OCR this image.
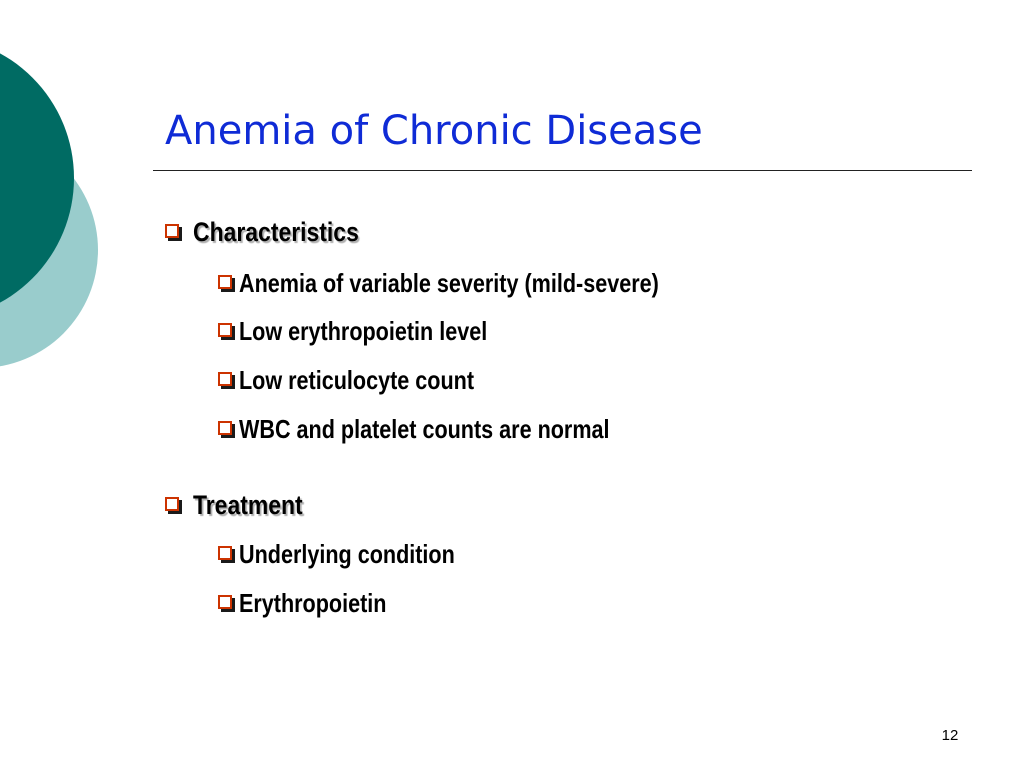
Anemia of Chronic Disease
Characteristics
Anemia of variable severity (mild-severe)
Low erythropoietin level
Low reticulocyte count
WBC and platelet counts are normal
Treatment
Underlying condition
Erythropoietin
12
